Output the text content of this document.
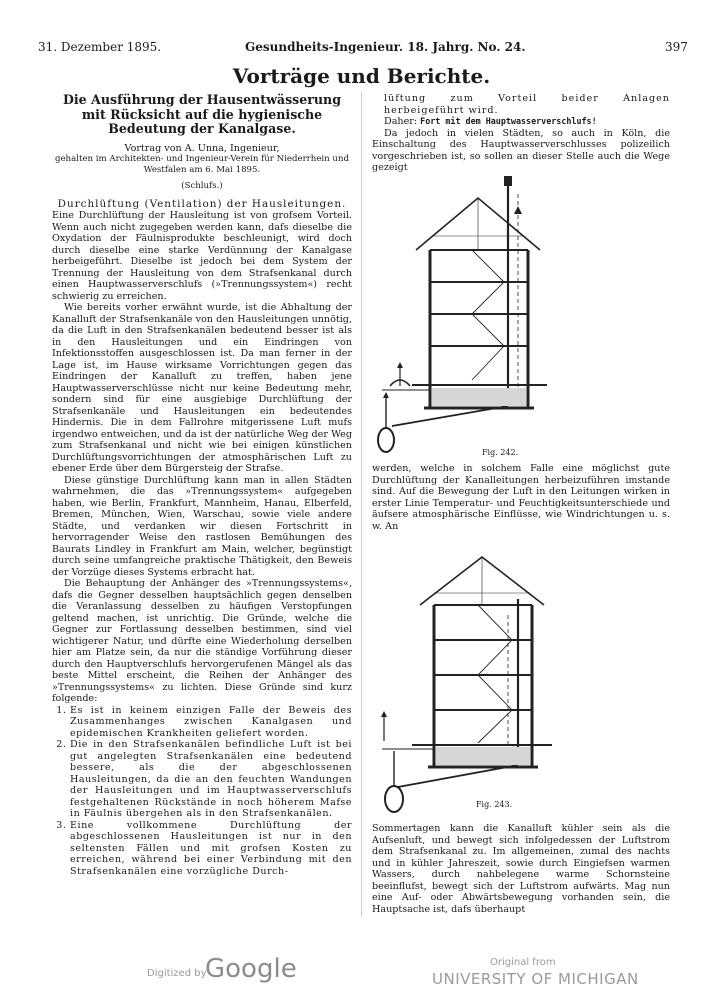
31. Dezember 1895.	Gesundheits-Ingenieur. 18. Jahrg. No. 24.	397
Vorträge und Berichte.
Die Ausführung der Hausentwässerung mit Rücksicht auf die hygienische Bedeutung der Kanalgase.

Vortrag von A. Unna, Ingenieur,

gehalten im Architekten- und Ingenieur-Verein für Niederrhein und Westfalen am 6. Mai 1895.

(Schlufs.)

Durchlüftung (Ventilation) der Hausleitungen.

Eine Durchlüftung der Hausleitung ist von grofsem Vorteil. Wenn auch nicht zugegeben werden kann, dafs dieselbe die Oxydation der Fäulnisprodukte beschleunigt, wird doch durch dieselbe eine starke Verdünnung der Kanalgase herbeigeführt. Dieselbe ist jedoch bei dem System der Trennung der Hausleitung von dem Strafsenkanal durch einen Hauptwasserverschlufs (»Trennungssystem«) recht schwierig zu erreichen.

Wie bereits vorher erwähnt wurde, ist die Abhaltung der Kanalluft der Strafsenkanäle von den Hausleitungen unnötig, da die Luft in den Strafsenkanälen bedeutend besser ist als in den Hausleitungen und ein Eindringen von Infektionsstoffen ausgeschlossen ist. Da man ferner in der Lage ist, im Hause wirksame Vorrichtungen gegen das Eindringen der Kanalluft zu treffen, haben jene Hauptwasserverschlüsse nicht nur keine Bedeutung mehr, sondern sind für eine ausgiebige Durchlüftung der Strafsenkanäle und Hausleitungen ein bedeutendes Hindernis. Die in dem Fallrohre mitgerissene Luft mufs irgendwo entweichen, und da ist der natürliche Weg der Weg zum Strafsenkanal und nicht wie bei einigen künstlichen Durchlüftungsvorrichtungen der atmosphärischen Luft zu ebener Erde über dem Bürgersteig der Strafse.

Diese günstige Durchlüftung kann man in allen Städten wahrnehmen, die das »Trennungssystem« aufgegeben haben, wie Berlin, Frankfurt, Mannheim, Hanau, Elberfeld, Bremen, München, Wien, Warschau, sowie viele andere Städte, und verdanken wir diesen Fortschritt in hervorragender Weise den rastlosen Bemühungen des Baurats Lindley in Frankfurt am Main, welcher, begünstigt durch seine umfangreiche praktische Thätigkeit, den Beweis der Vorzüge dieses Systems erbracht hat.

Die Behauptung der Anhänger des »Trennungssystems«, dafs die Gegner desselben hauptsächlich gegen denselben die Veranlassung desselben zu häufigen Verstopfungen geltend machen, ist unrichtig. Die Gründe, welche die Gegner zur Fortlassung desselben bestimmen, sind viel wichtigerer Natur, und dürfte eine Wiederholung derselben hier am Platze sein, da nur die ständige Vorführung dieser durch den Hauptverschlufs hervorgerufenen Mängel als das beste Mittel erscheint, die Reihen der Anhänger des »Trennungssystems« zu lichten. Diese Gründe sind kurz folgende:

1. Es ist in keinem einzigen Falle der Beweis des Zusammenhanges zwischen Kanalgasen und epidemischen Krankheiten geliefert worden.
2. Die in den Strafsenkanälen befindliche Luft ist bei gut angelegten Strafsenkanälen eine bedeutend bessere, als die der abgeschlossenen Hausleitungen, da die an den feuchten Wandungen der Hausleitungen und im Hauptwasserverschlufs festgehaltenen Rückstände in noch höherem Mafse in Fäulnis übergehen als in den Strafsenkanälen.
3. Eine vollkommene Durchlüftung der abgeschlossenen Hausleitungen ist nur in den seltensten Fällen und mit grofsen Kosten zu erreichen, während bei einer Verbindung mit den Strafsenkanälen eine vorzügliche Durch-

lüftung zum Vorteil beider Anlagen herbeigeführt wird.

Daher: Fort mit dem Hauptwasserverschlufs!

Da jedoch in vielen Städten, so auch in Köln, die Einschaltung des Hauptwasserverschlusses polizeilich vorgeschrieben ist, so sollen an dieser Stelle auch die Wege gezeigt

Fig. 242.

werden, welche in solchem Falle eine möglichst gute Durchlüftung der Kanalleitungen herbeizuführen imstande sind. Auf die Bewegung der Luft in den Leitungen wirken in erster Linie Temperatur- und Feuchtigkeitsunterschiede und äufsere atmosphärische Einflüsse, wie Windrichtungen u. s. w. An

Fig. 243.

Sommertagen kann die Kanalluft kühler sein als die Aufsenluft, und bewegt sich infolgedessen der Luftstrom dem Strafsenkanal zu. Im allgemeinen, zumal des nachts und in kühler Jahreszeit, sowie durch Eingiefsen warmen Wassers, durch nahbelegene warme Schornsteine beeinflufst, bewegt sich der Luftstrom aufwärts. Mag nun eine Auf- oder Abwärtsbewegung vorhanden sein, die Hauptsache ist, dafs überhaupt

Digitized by
Google	Original from
UNIVERSITY OF MICHIGAN
